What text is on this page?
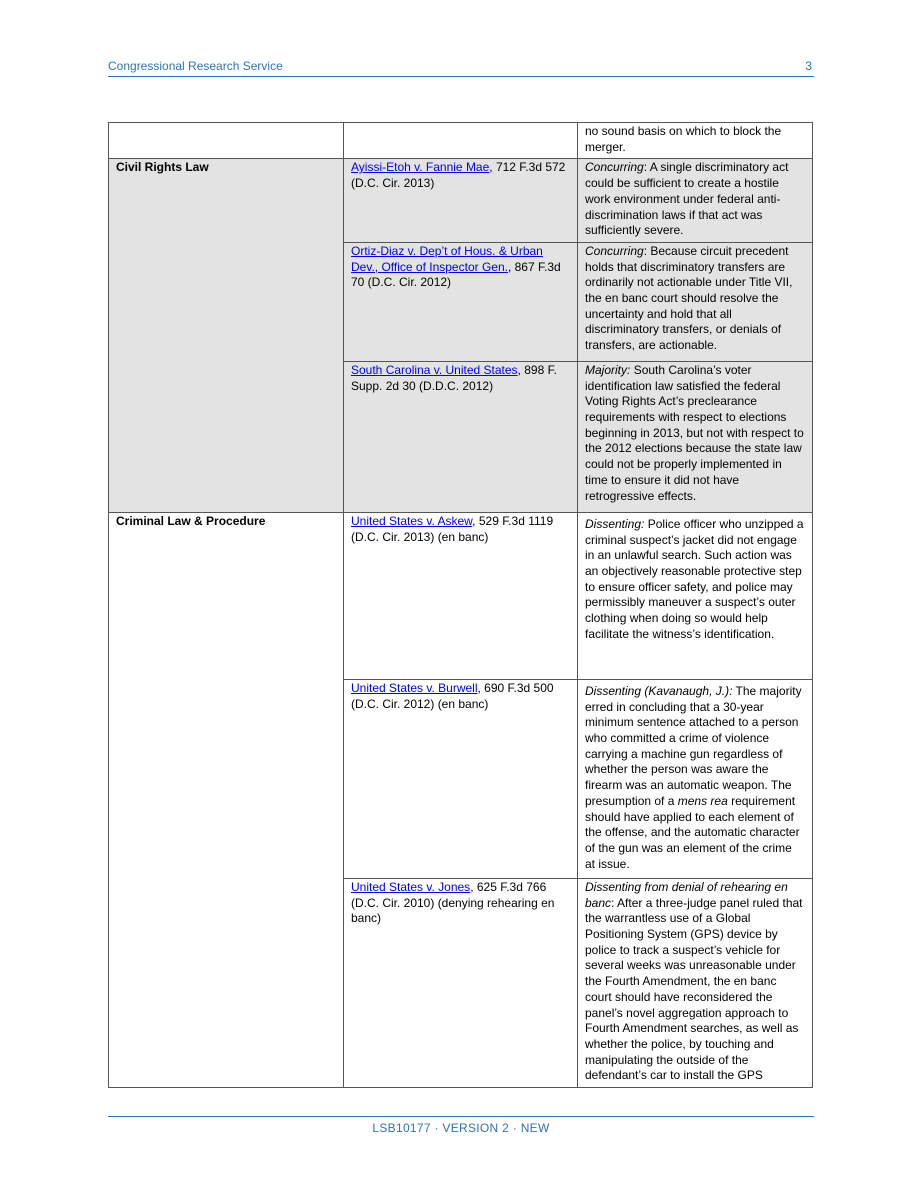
Congressional Research Service	3
		no sound basis on which to block the merger.
Civil Rights Law	Ayissi-Etoh v. Fannie Mae, 712 F.3d 572 (D.C. Cir. 2013)	Concurring: A single discriminatory act could be sufficient to create a hostile work environment under federal anti-discrimination laws if that act was sufficiently severe.
	Ortiz-Diaz v. Dep’t of Hous. & Urban Dev., Office of Inspector Gen., 867 F.3d 70 (D.C. Cir. 2012)	Concurring: Because circuit precedent holds that discriminatory transfers are ordinarily not actionable under Title VII, the en banc court should resolve the uncertainty and hold that all discriminatory transfers, or denials of transfers, are actionable.
	South Carolina v. United States, 898 F. Supp. 2d 30 (D.D.C. 2012)	Majority: South Carolina’s voter identification law satisfied the federal Voting Rights Act’s preclearance requirements with respect to elections beginning in 2013, but not with respect to the 2012 elections because the state law could not be properly implemented in time to ensure it did not have retrogressive effects.
Criminal Law & Procedure	United States v. Askew, 529 F.3d 1119 (D.C. Cir. 2013) (en banc)	Dissenting: Police officer who unzipped a criminal suspect’s jacket did not engage in an unlawful search. Such action was an objectively reasonable protective step to ensure officer safety, and police may permissibly maneuver a suspect’s outer clothing when doing so would help facilitate the witness’s identification.
	United States v. Burwell, 690 F.3d 500 (D.C. Cir. 2012) (en banc)	Dissenting (Kavanaugh, J.): The majority erred in concluding that a 30-year minimum sentence attached to a person who committed a crime of violence carrying a machine gun regardless of whether the person was aware the firearm was an automatic weapon. The presumption of a mens rea requirement should have applied to each element of the offense, and the automatic character of the gun was an element of the crime at issue.
	United States v. Jones, 625 F.3d 766 (D.C. Cir. 2010) (denying rehearing en banc)	Dissenting from denial of rehearing en banc: After a three-judge panel ruled that the warrantless use of a Global Positioning System (GPS) device by police to track a suspect’s vehicle for several weeks was unreasonable under the Fourth Amendment, the en banc court should have reconsidered the panel’s novel aggregation approach to Fourth Amendment searches, as well as whether the police, by touching and manipulating the outside of the defendant’s car to install the GPS
LSB10177 · VERSION 2 · NEW
